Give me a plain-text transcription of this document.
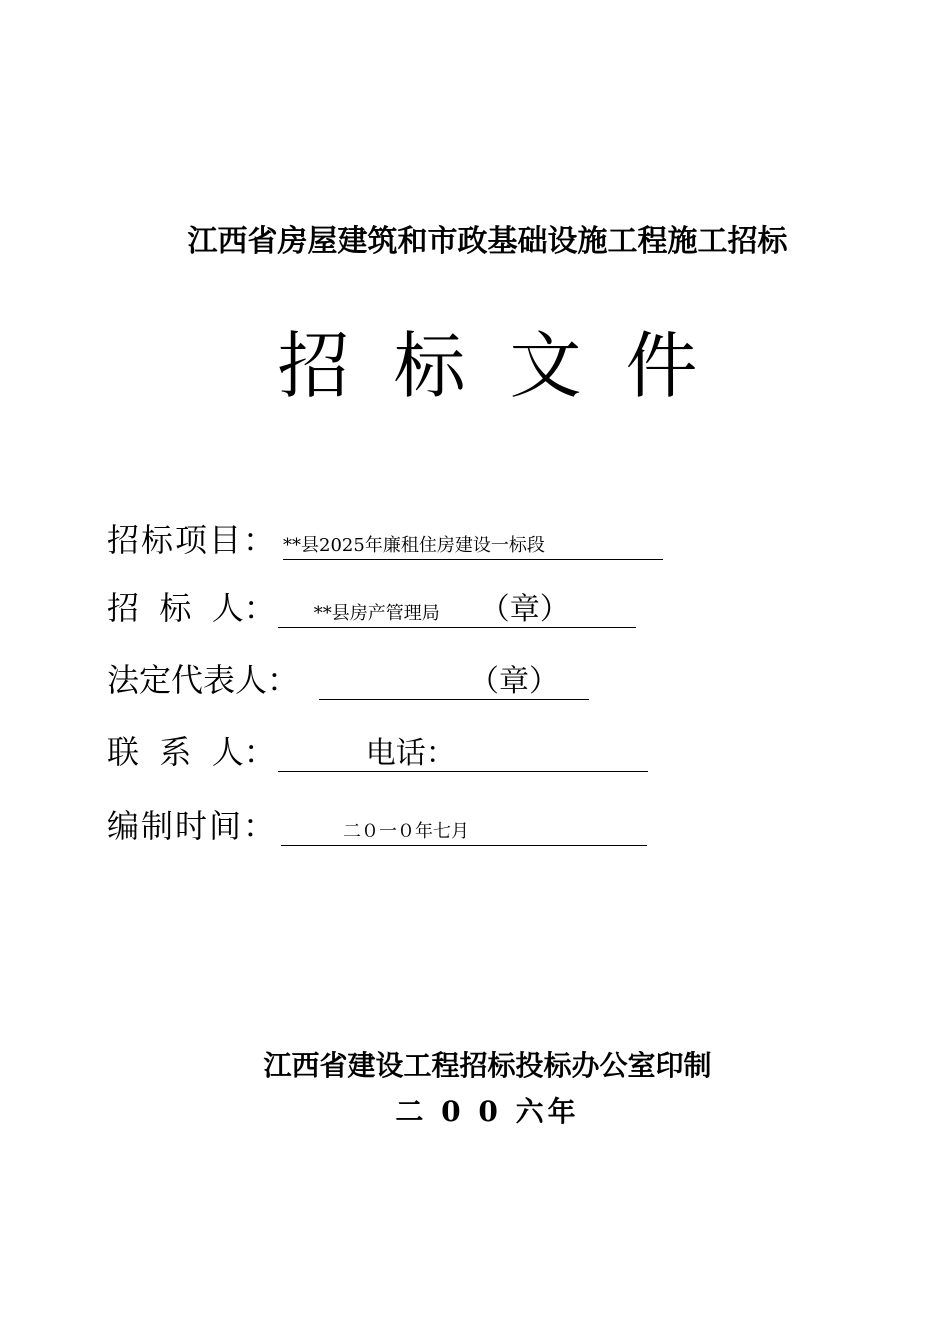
江西省房屋建筑和市政基础设施工程施工招标
招标文件
招标项目： **县2025年廉租住房建设一标段
招  标  人： **县房产管理局 （章）
法定代表人：	（章）
联  系  人：	电话：
编制时间：	二０一０年七月
江西省建设工程招标投标办公室印制
二 0 0 六年
